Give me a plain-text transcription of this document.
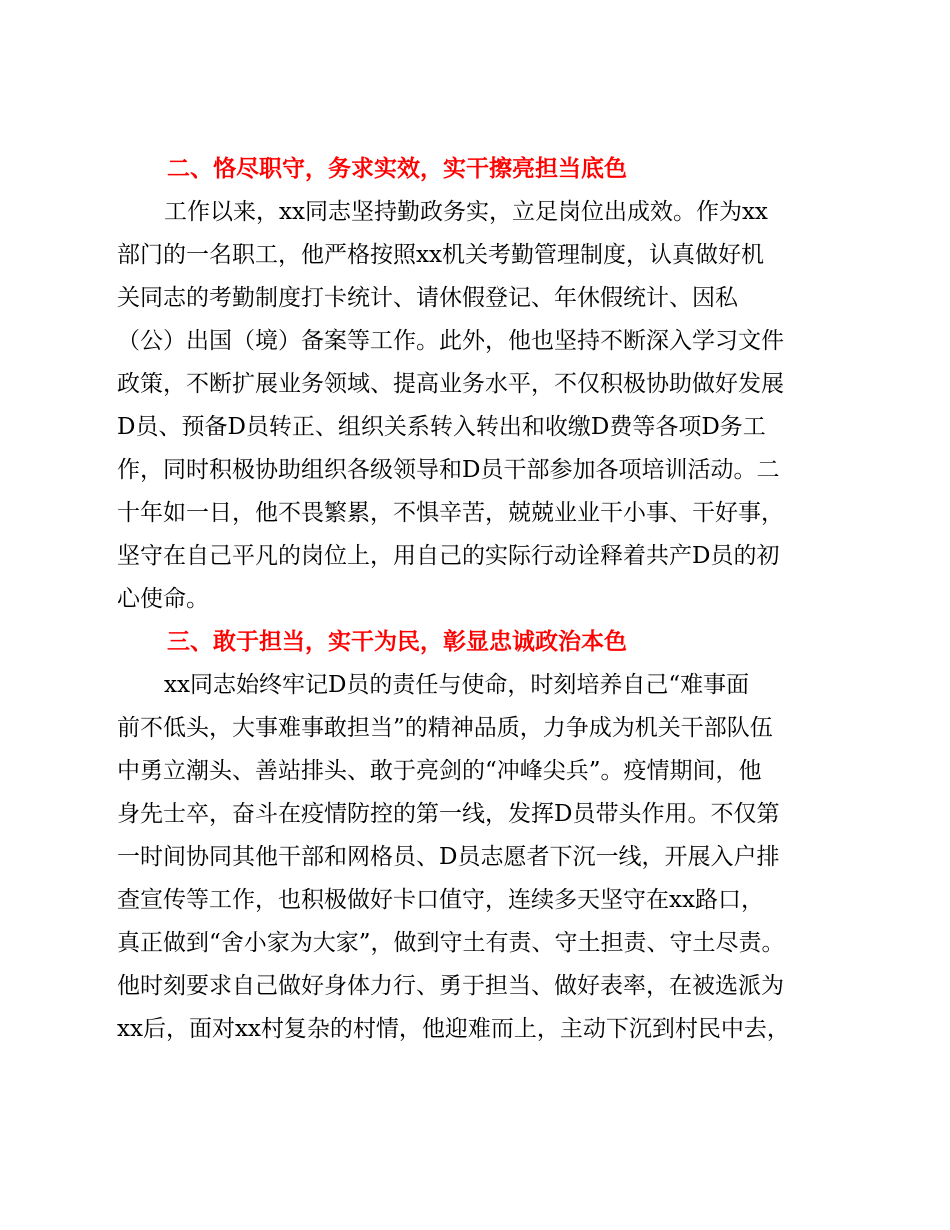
二、恪尽职守，务求实效，实干擦亮担当底色
工作以来，xx同志坚持勤政务实，立足岗位出成效。作为xx
部门的一名职工，他严格按照xx机关考勤管理制度，认真做好机
关同志的考勤制度打卡统计、请休假登记、年休假统计、因私
（公）出国（境）备案等工作。此外，他也坚持不断深入学习文件
政策，不断扩展业务领域、提高业务水平，不仅积极协助做好发展
D员、预备D员转正、组织关系转入转出和收缴D费等各项D务工
作，同时积极协助组织各级领导和D员干部参加各项培训活动。二
十年如一日，他不畏繁累，不惧辛苦，兢兢业业干小事、干好事，
坚守在自己平凡的岗位上，用自己的实际行动诠释着共产D员的初
心使命。
三、敢于担当，实干为民，彰显忠诚政治本色
xx同志始终牢记D员的责任与使命，时刻培养自己“难事面
前不低头，大事难事敢担当”的精神品质，力争成为机关干部队伍
中勇立潮头、善站排头、敢于亮剑的“冲峰尖兵”。疫情期间，他
身先士卒，奋斗在疫情防控的第一线，发挥D员带头作用。不仅第
一时间协同其他干部和网格员、D员志愿者下沉一线，开展入户排
查宣传等工作，也积极做好卡口值守，连续多天坚守在xx路口，
真正做到“舍小家为大家”，做到守土有责、守土担责、守土尽责。
他时刻要求自己做好身体力行、勇于担当、做好表率，在被选派为
xx后，面对xx村复杂的村情，他迎难而上，主动下沉到村民中去，
